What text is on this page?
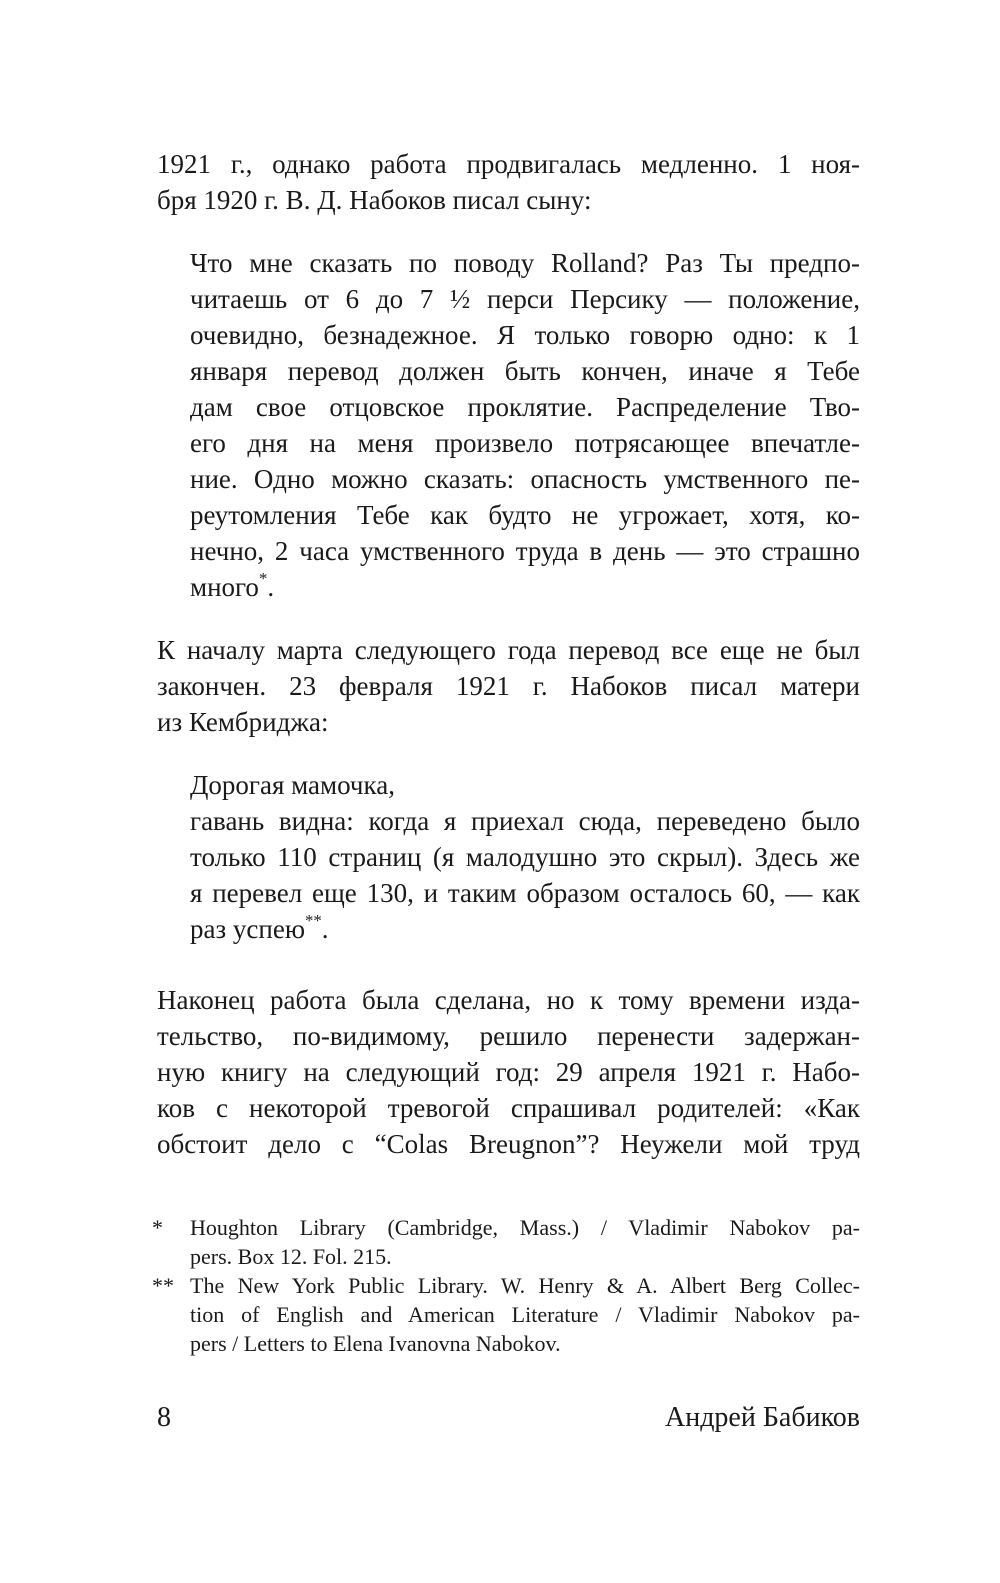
1921 г., однако работа продвигалась медленно. 1 ноя-
бря 1920 г. В. Д. Набоков писал сыну:
Что мне сказать по поводу Rolland? Раз Ты предпо-
читаешь от 6 до 7 ½ перси Персику — положение,
очевидно, безнадежное. Я только говорю одно: к 1
января перевод должен быть кончен, иначе я Тебе
дам свое отцовское проклятие. Распределение Тво-
его дня на меня произвело потрясающее впечатле-
ние. Одно можно сказать: опасность умственного пе-
реутомления Тебе как будто не угрожает, хотя, ко-
нечно, 2 часа умственного труда в день — это страшно
много*.
К началу марта следующего года перевод все еще не был
закончен. 23 февраля 1921 г. Набоков писал матери
из Кембриджа:
Дорогая мамочка,
гавань видна: когда я приехал сюда, переведено было
только 110 страниц (я малодушно это скрыл). Здесь же
я перевел еще 130, и таким образом осталось 60, — как
раз успею**.
Наконец работа была сделана, но к тому времени изда-
тельство, по-видимому, решило перенести задержан-
ную книгу на следующий год: 29 апреля 1921 г. Набо-
ков с некоторой тревогой спрашивал родителей: «Как
обстоит дело с “Colas Breugnon”? Неужели мой труд
*	Houghton Library (Cambridge, Mass.) / Vladimir Nabokov pa-
pers. Box 12. Fol. 215.
** The New York Public Library. W. Henry & A. Albert Berg Collec-
tion of English and American Literature / Vladimir Nabokov pa-
pers / Letters to Elena Ivanovna Nabokov.
8	Андрей Бабиков
